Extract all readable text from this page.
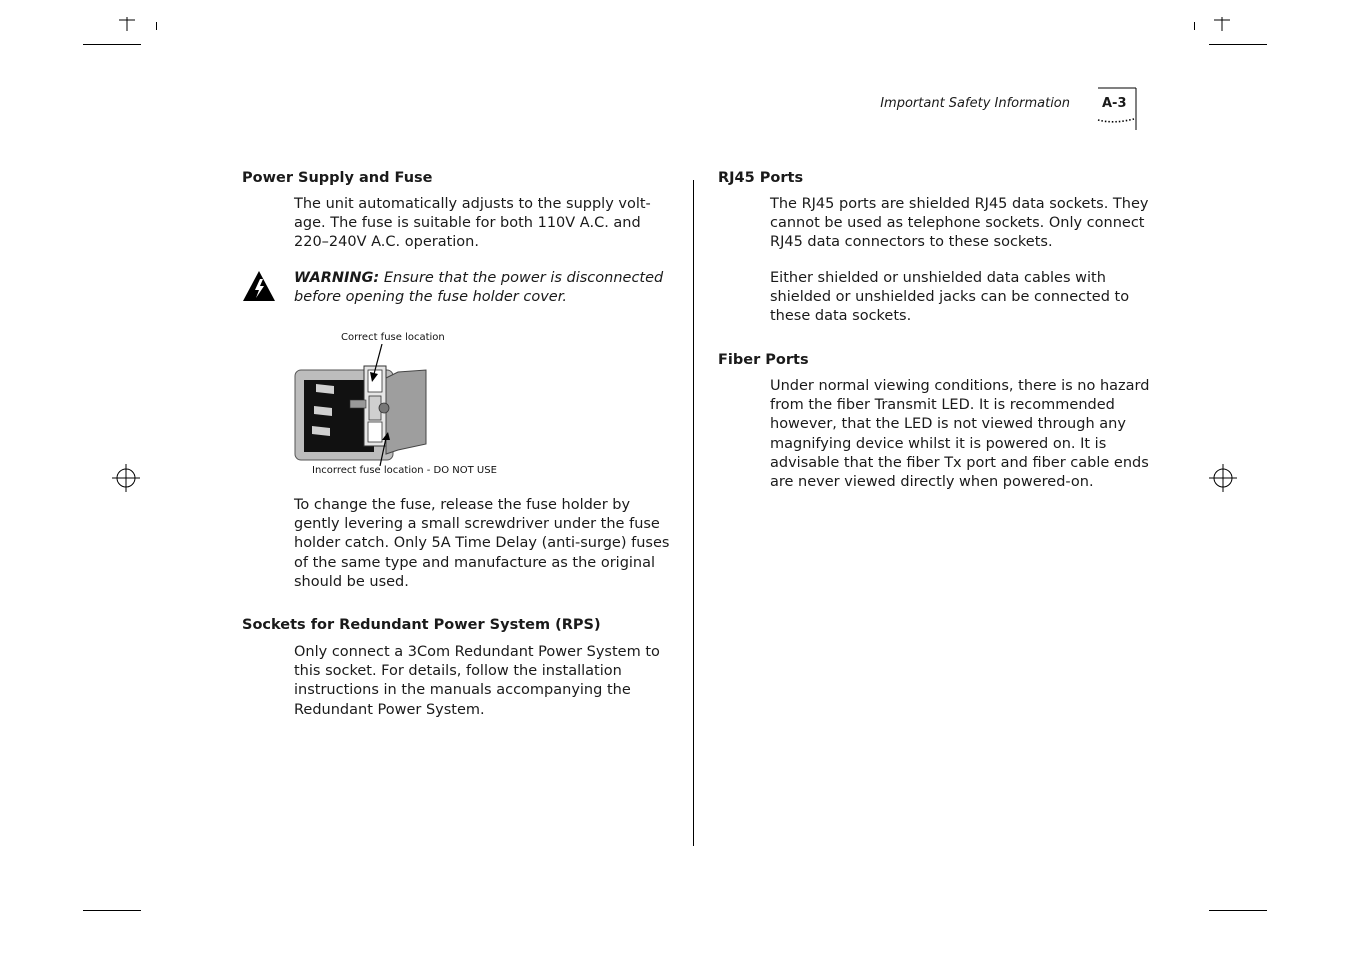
Important Safety Information A-3
Power Supply and Fuse
The unit automatically adjusts to the supply volt-
age. The fuse is suitable for both 110V A.C. and
220–240V A.C. operation.
WARNING: Ensure that the power is disconnected
before opening the fuse holder cover.
Correct fuse location
Incorrect fuse location - DO NOT USE
To change the fuse, release the fuse holder by
gently levering a small screwdriver under the fuse
holder catch. Only 5A Time Delay (anti-surge) fuses
of the same type and manufacture as the original
should be used.
Sockets for Redundant Power System (RPS)
Only connect a 3Com Redundant Power System to
this socket. For details, follow the installation
instructions in the manuals accompanying the
Redundant Power System.
RJ45 Ports
The RJ45 ports are shielded RJ45 data sockets. They
cannot be used as telephone sockets. Only connect
RJ45 data connectors to these sockets.
Either shielded or unshielded data cables with
shielded or unshielded jacks can be connected to
these data sockets.
Fiber Ports
Under normal viewing conditions, there is no hazard
from the fiber Transmit LED. It is recommended
however, that the LED is not viewed through any
magnifying device whilst it is powered on. It is
advisable that the fiber Tx port and fiber cable ends
are never viewed directly when powered-on.
